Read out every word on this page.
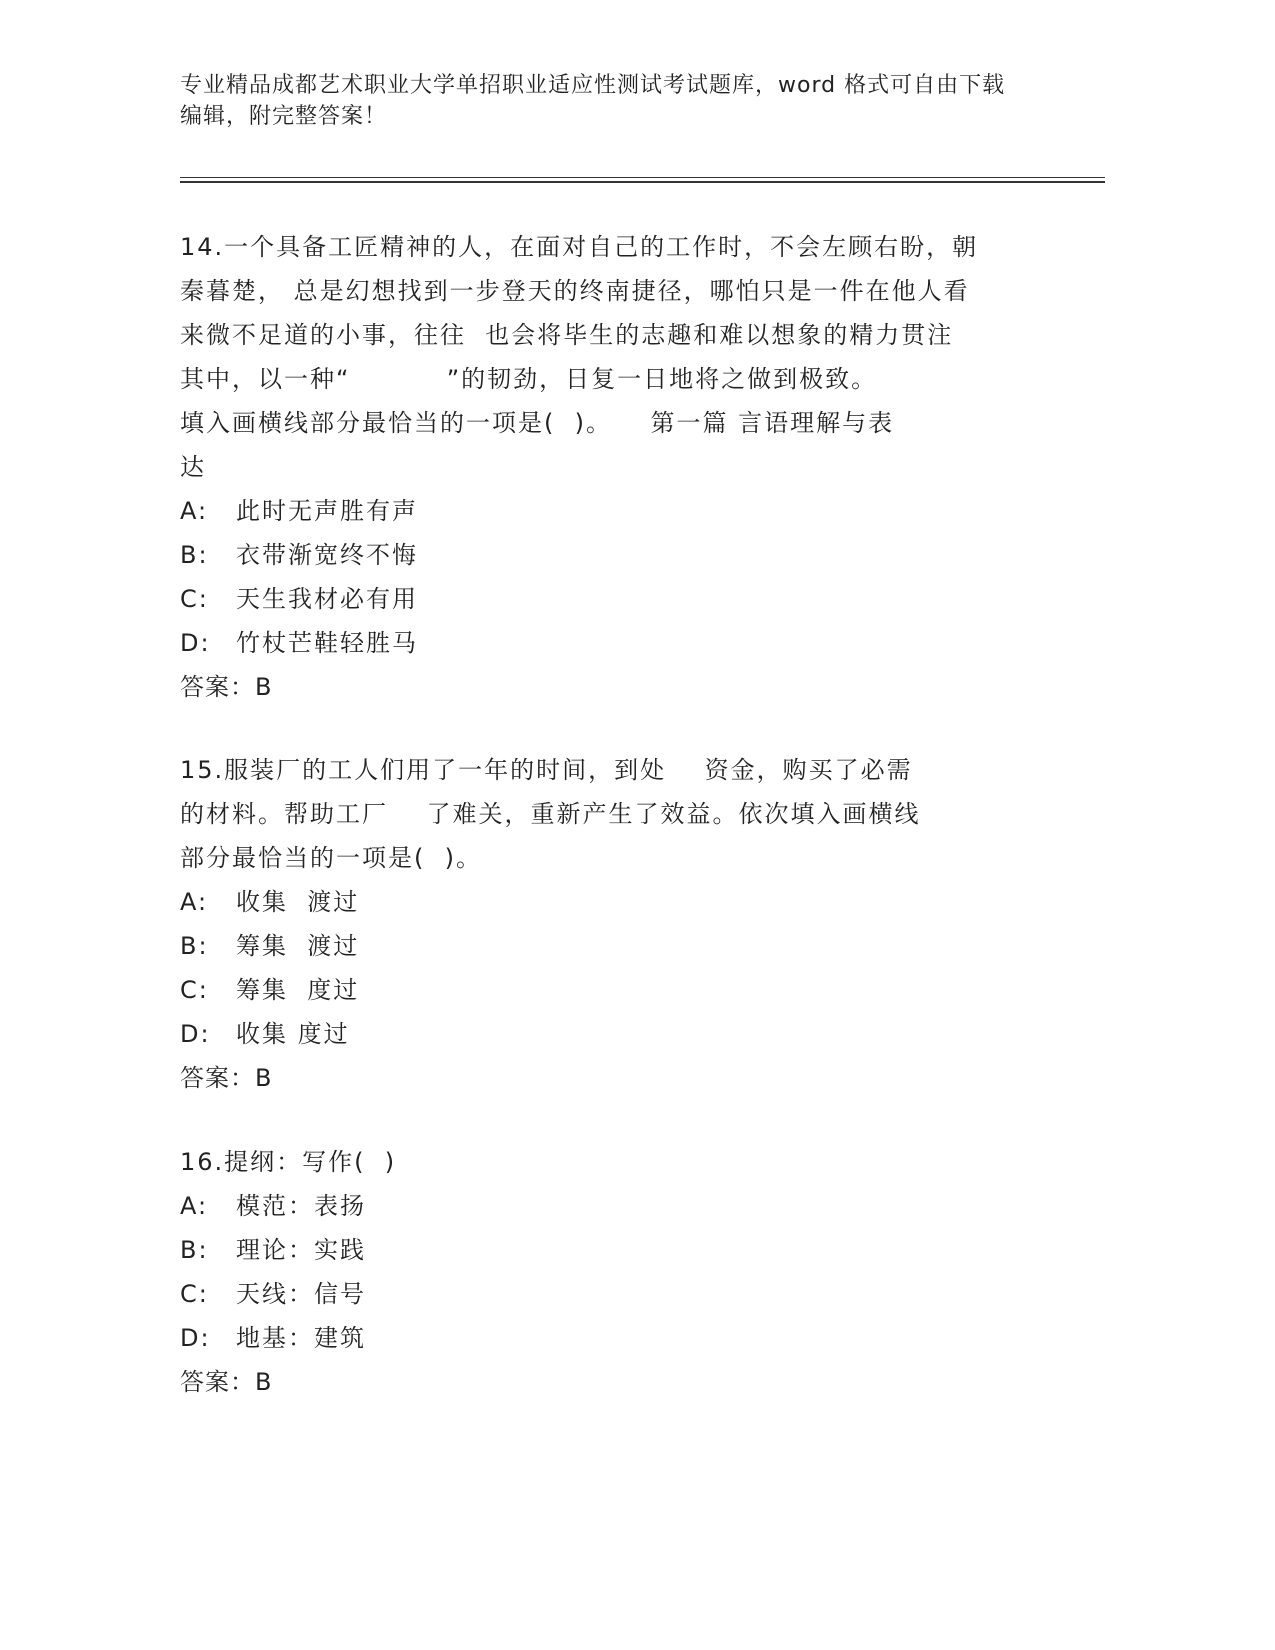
专业精品成都艺术职业大学单招职业适应性测试考试题库，word 格式可自由下载

编辑，附完整答案！

14.一个具备工匠精神的人，在面对自己的工作时，不会左顾右盼，朝

秦暮楚， 总是幻想找到一步登天的终南捷径，哪怕只是一件在他人看

来微不足道的小事，往往  也会将毕生的志趣和难以想象的精力贯注

其中，以一种“          ”的韧劲，日复一日地将之做到极致。

填入画横线部分最恰当的一项是(  )。    第一篇 言语理解与表

达

A: 此时无声胜有声
B: 衣带渐宽终不悔
C: 天生我材必有用
D: 竹杖芒鞋轻胜马
答案：B

15.服装厂的工人们用了一年的时间，到处    资金，购买了必需

的材料。帮助工厂    了难关，重新产生了效益。依次填入画横线

部分最恰当的一项是(  )。

A: 收集  渡过
B: 筹集  渡过
C: 筹集  度过
D: 收集 度过
答案：B

16.提纲：写作(  )

A: 模范：表扬
B: 理论：实践
C: 天线：信号
D: 地基：建筑
答案：B
